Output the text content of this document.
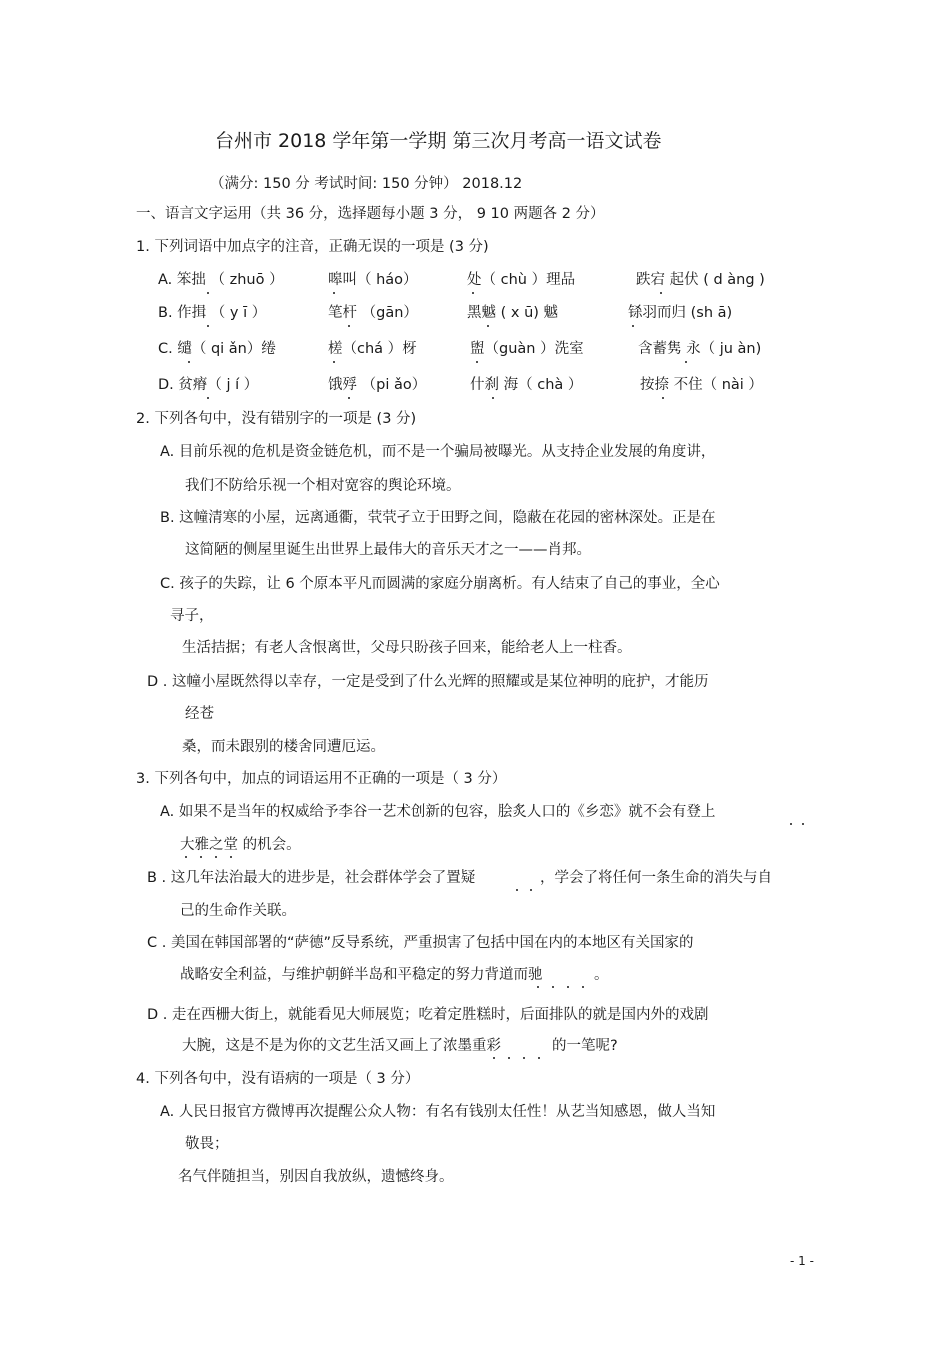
台州市 2018 学年第一学期 第三次月考高一语文试卷
（满分: 150 分 考试时间: 150 分钟） 2018.12
一、语言文字运用（共 36 分，选择题每小题 3 分， 9 10 两题各 2 分）
1. 下列词语中加点字的注音，正确无误的一项是 (3 分)
A. 笨拙 （ zhuō ）	嗥叫（ háo）	处（ chù ）理品	跌宕 起伏 ( d àng )
B. 作揖 （ y ī ）	笔杆 （gān）	黑魆 ( x ū) 魆	铩羽而归 (sh ā)
C. 缱（ qi ǎn）绻	槎（chá ）枒	盥（guàn ）洗室	含蓄隽 永（ ju àn)
D. 贫瘠（ j í ）	饿殍 （pi ǎo）	什刹 海（ chà ）	按捺 不住（ nài ）
2. 下列各句中，没有错别字的一项是 (3 分)
A. 目前乐视的危机是资金链危机，而不是一个骗局被曝光。从支持企业发展的角度讲，
我们不防给乐视一个相对宽容的舆论环境。
B. 这幢清寒的小屋，远离通衢，茕茕孑立于田野之间，隐蔽在花园的密林深处。正是在
这简陋的侧屋里诞生出世界上最伟大的音乐天才之一——肖邦。
C. 孩子的失踪，让 6 个原本平凡而圆满的家庭分崩离析。有人结束了自己的事业，全心
寻子，
生活拮据；有老人含恨离世，父母只盼孩子回来，能给老人上一柱香。
D . 这幢小屋既然得以幸存，一定是受到了什么光辉的照耀或是某位神明的庇护，才能历
经苍
桑，而未跟别的楼舍同遭厄运。
3. 下列各句中，加点的词语运用不正确的一项是（ 3 分）
A. 如果不是当年的权威给予李谷一艺术创新的包容，脍炙人口的《乡恋》就不会有登上
大雅之堂 的机会。
B . 这几年法治最大的进步是，社会群体学会了置疑	，学会了将任何一条生命的消失与自
己的生命作关联。
C . 美国在韩国部署的“萨德”反导系统，严重损害了包括中国在内的本地区有关国家的
战略安全利益，与维护朝鲜半岛和平稳定的努力背道而驰	。
D . 走在西栅大街上，就能看见大师展览；吃着定胜糕时，后面排队的就是国内外的戏剧
大腕，这是不是为你的文艺生活又画上了浓墨重彩	的一笔呢?
4. 下列各句中，没有语病的一项是（ 3 分）
A. 人民日报官方微博再次提醒公众人物：有名有钱别太任性！从艺当知感恩，做人当知
敬畏；
名气伴随担当，别因自我放纵，遗憾终身。
- 1 -
